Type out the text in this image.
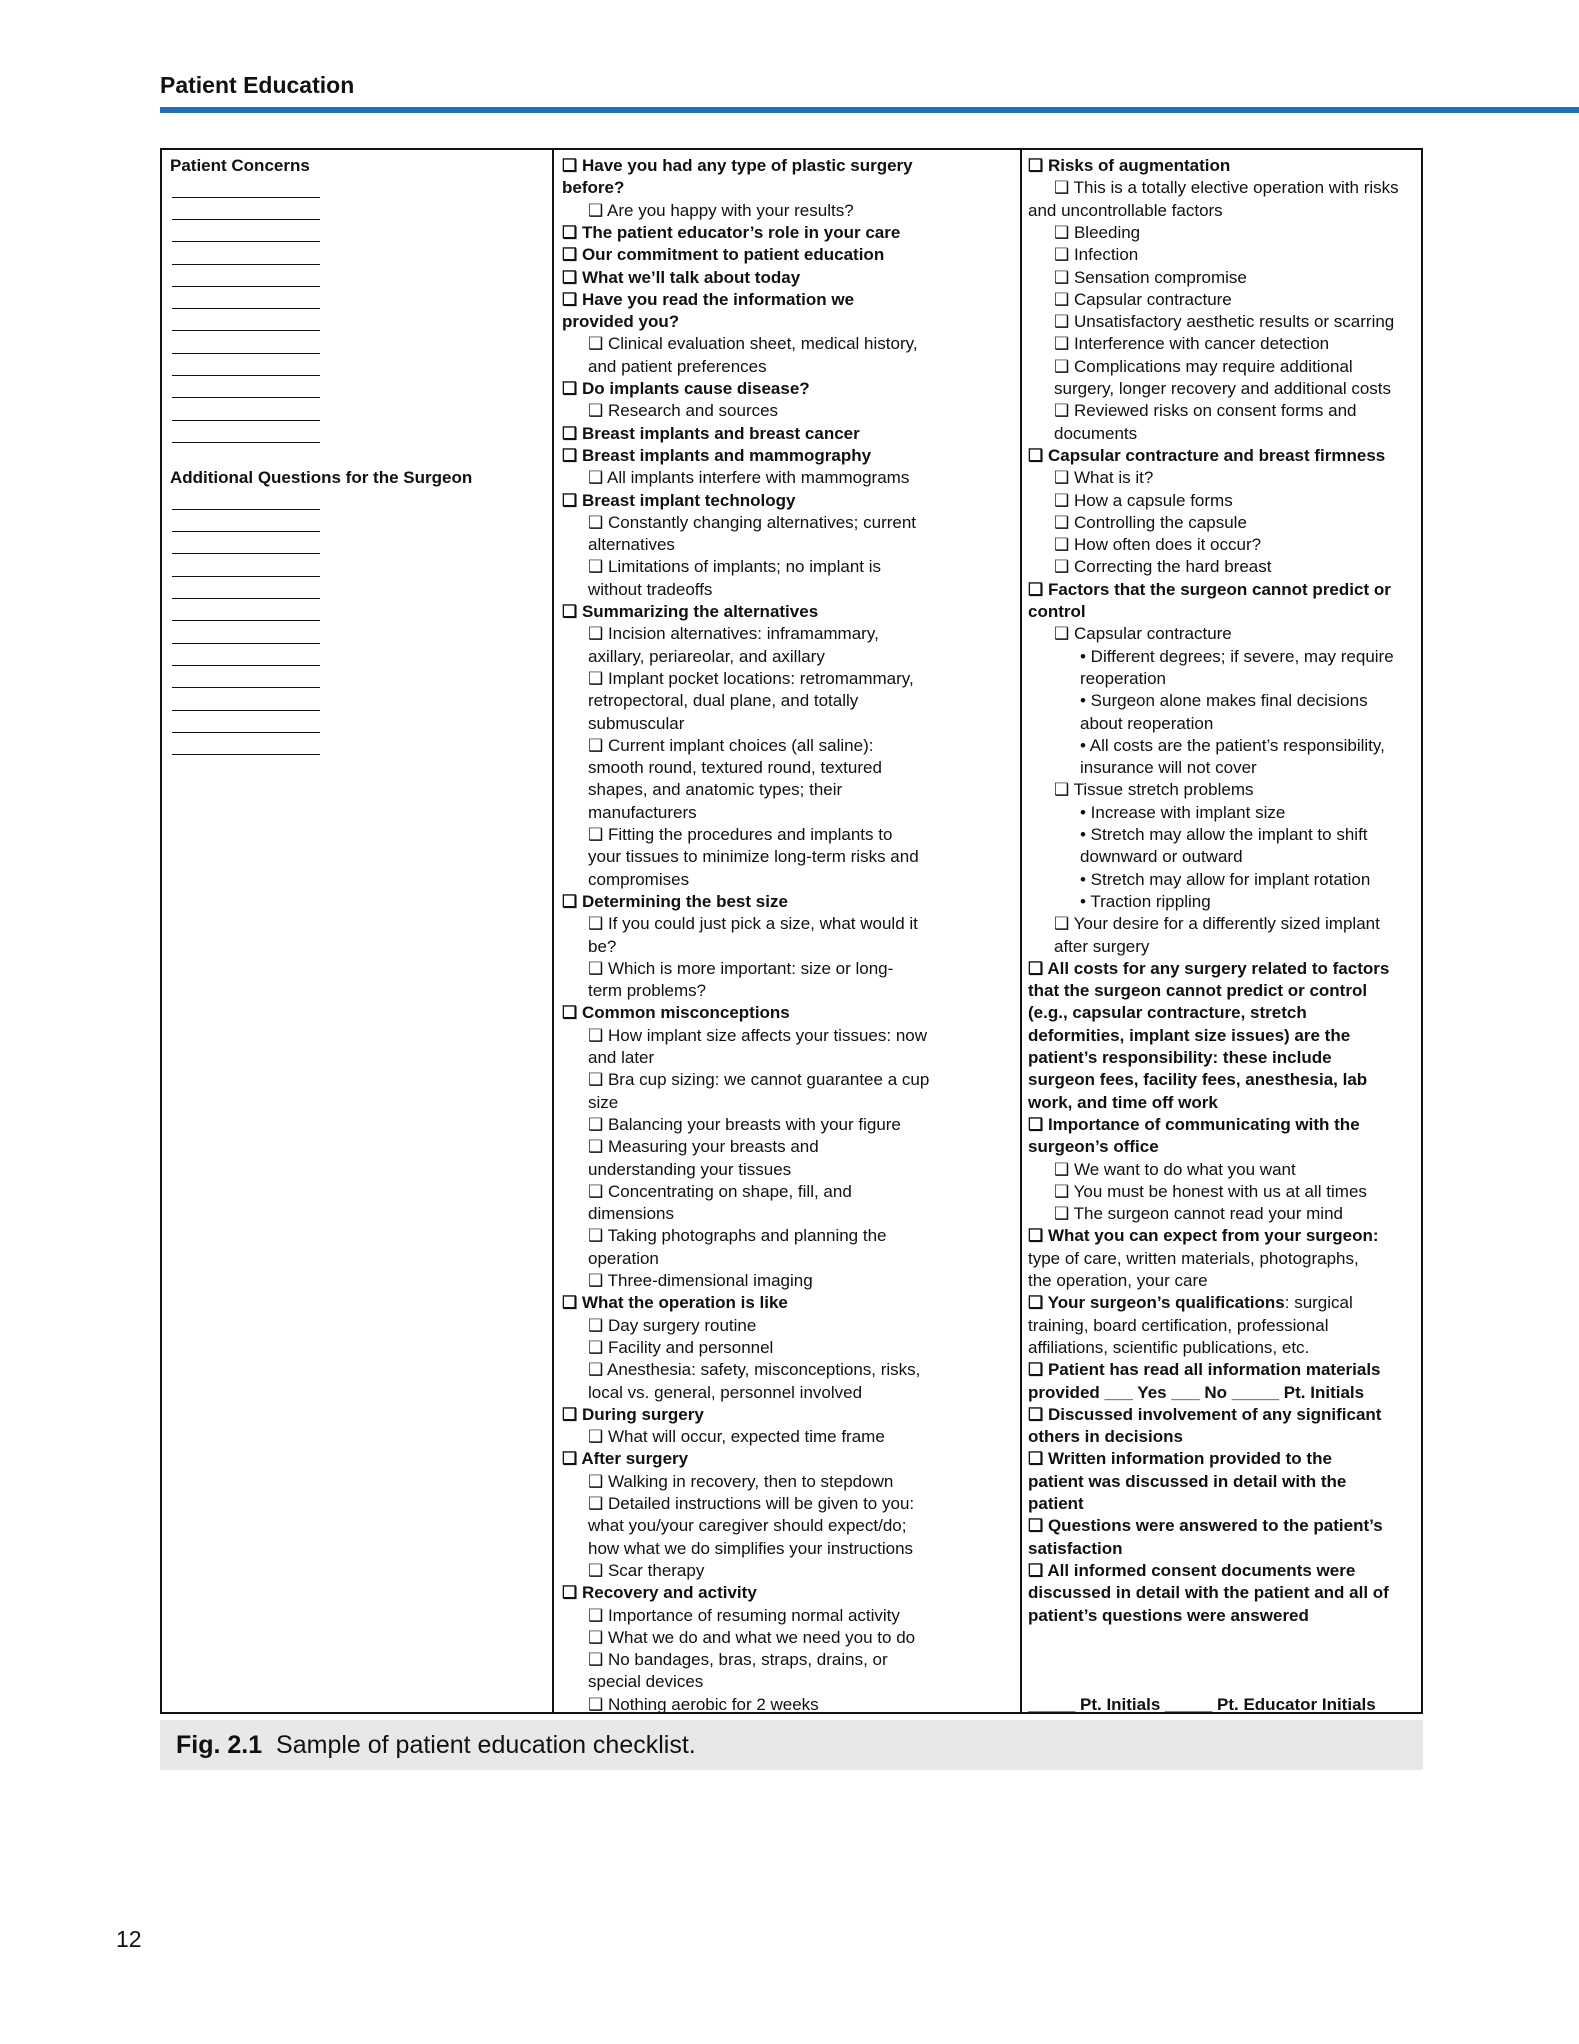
Patient Education
Patient Concerns
Additional Questions for the Surgeon
❑ Have you had any type of plastic surgery
before?
❑ Are you happy with your results?
❑ The patient educator’s role in your care
❑ Our commitment to patient education
❑ What we’ll talk about today
❑ Have you read the information we
provided you?
❑ Clinical evaluation sheet, medical history,
and patient preferences
❑ Do implants cause disease?
❑ Research and sources
❑ Breast implants and breast cancer
❑ Breast implants and mammography
❑ All implants interfere with mammograms
❑ Breast implant technology
❑ Constantly changing alternatives; current
alternatives
❑ Limitations of implants; no implant is
without tradeoffs
❑ Summarizing the alternatives
❑ Incision alternatives: inframammary,
axillary, periareolar, and axillary
❑ Implant pocket locations: retromammary,
retropectoral, dual plane, and totally
submuscular
❑ Current implant choices (all saline):
smooth round, textured round, textured
shapes, and anatomic types; their
manufacturers
❑ Fitting the procedures and implants to
your tissues to minimize long-term risks and
compromises
❑ Determining the best size
❑ If you could just pick a size, what would it
be?
❑ Which is more important: size or long-
term problems?
❑ Common misconceptions
❑ How implant size affects your tissues: now
and later
❑ Bra cup sizing: we cannot guarantee a cup
size
❑ Balancing your breasts with your figure
❑ Measuring your breasts and
understanding your tissues
❑ Concentrating on shape, fill, and
dimensions
❑ Taking photographs and planning the
operation
❑ Three-dimensional imaging
❑ What the operation is like
❑ Day surgery routine
❑ Facility and personnel
❑ Anesthesia: safety, misconceptions, risks,
local vs. general, personnel involved
❑ During surgery
❑ What will occur, expected time frame
❑ After surgery
❑ Walking in recovery, then to stepdown
❑ Detailed instructions will be given to you:
what you/your caregiver should expect/do;
how what we do simplifies your instructions
❑ Scar therapy
❑ Recovery and activity
❑ Importance of resuming normal activity
❑ What we do and what we need you to do
❑ No bandages, bras, straps, drains, or
special devices
❑ Nothing aerobic for 2 weeks
❑ Risks of augmentation
❑ This is a totally elective operation with risks
and uncontrollable factors
❑ Bleeding
❑ Infection
❑ Sensation compromise
❑ Capsular contracture
❑ Unsatisfactory aesthetic results or scarring
❑ Interference with cancer detection
❑ Complications may require additional
surgery, longer recovery and additional costs
❑ Reviewed risks on consent forms and
documents
❑ Capsular contracture and breast firmness
❑ What is it?
❑ How a capsule forms
❑ Controlling the capsule
❑ How often does it occur?
❑ Correcting the hard breast
❑ Factors that the surgeon cannot predict or
control
❑ Capsular contracture
• Different degrees; if severe, may require
reoperation
• Surgeon alone makes final decisions
about reoperation
• All costs are the patient’s responsibility,
insurance will not cover
❑ Tissue stretch problems
• Increase with implant size
• Stretch may allow the implant to shift
downward or outward
• Stretch may allow for implant rotation
• Traction rippling
❑ Your desire for a differently sized implant
after surgery
❑ All costs for any surgery related to factors
that the surgeon cannot predict or control
(e.g., capsular contracture, stretch
deformities, implant size issues) are the
patient’s responsibility: these include
surgeon fees, facility fees, anesthesia, lab
work, and time off work
❑ Importance of communicating with the
surgeon’s office
❑ We want to do what you want
❑ You must be honest with us at all times
❑ The surgeon cannot read your mind
❑ What you can expect from your surgeon:
type of care, written materials, photographs,
the operation, your care
❑ Your surgeon’s qualifications: surgical
training, board certification, professional
affiliations, scientific publications, etc.
❑ Patient has read all information materials
provided ___ Yes ___ No _____ Pt. Initials
❑ Discussed involvement of any significant
others in decisions
❑ Written information provided to the
patient was discussed in detail with the
patient
❑ Questions were answered to the patient’s
satisfaction
❑ All informed consent documents were
discussed in detail with the patient and all of
patient’s questions were answered
_____ Pt. Initials _____ Pt. Educator Initials
Fig. 2.1 Sample of patient education checklist.
12
